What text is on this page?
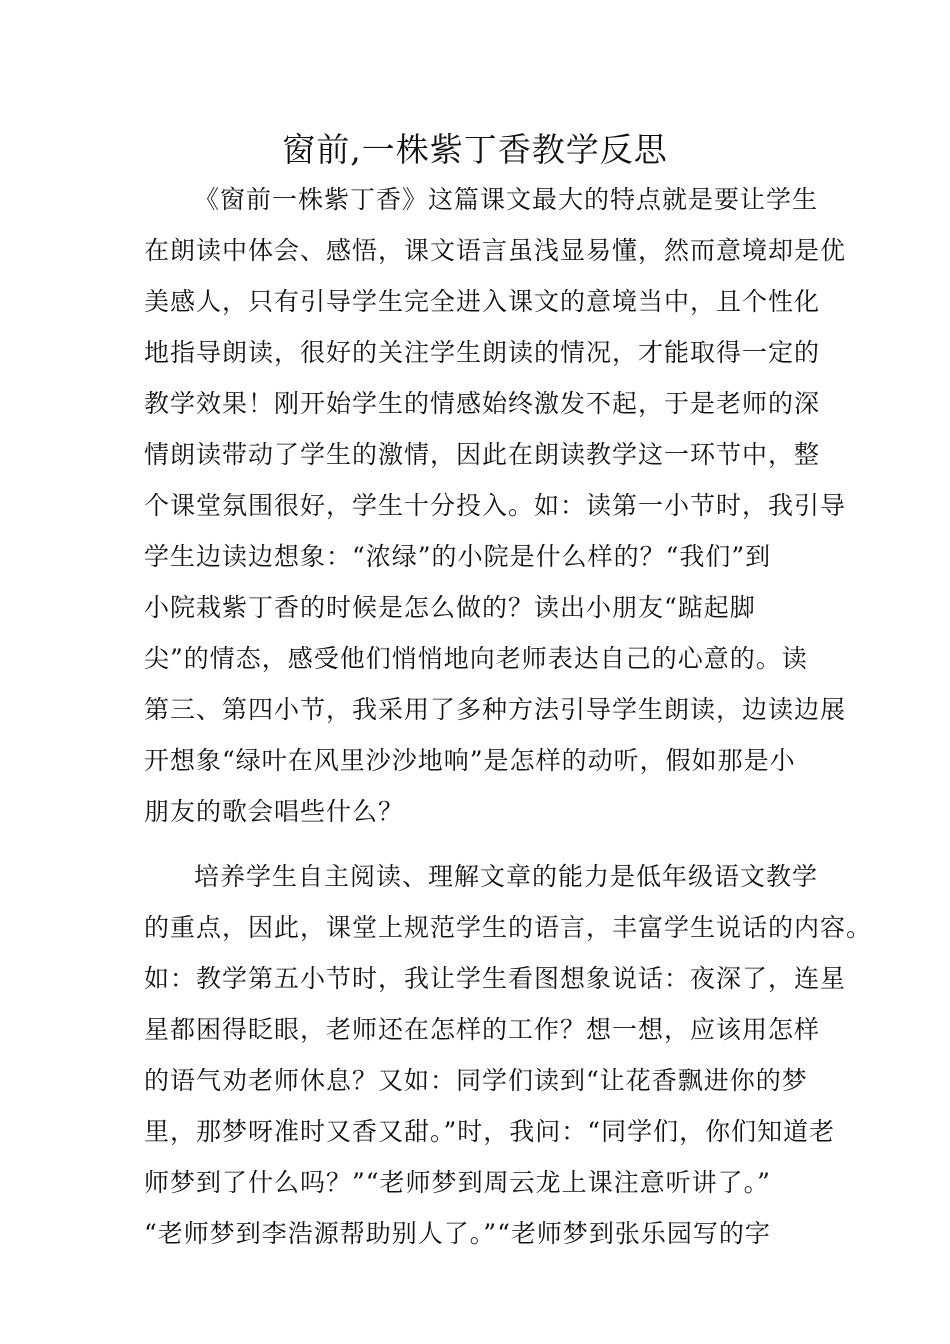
窗前,一株紫丁香教学反思
《窗前一株紫丁香》这篇课文最大的特点就是要让学生
在朗读中体会、感悟，课文语言虽浅显易懂，然而意境却是优
美感人，只有引导学生完全进入课文的意境当中，且个性化
地指导朗读，很好的关注学生朗读的情况，才能取得一定的
教学效果！刚开始学生的情感始终激发不起，于是老师的深
情朗读带动了学生的激情，因此在朗读教学这一环节中，整
个课堂氛围很好，学生十分投入。如：读第一小节时，我引导
学生边读边想象：“浓绿”的小院是什么样的？“我们”到
小院栽紫丁香的时候是怎么做的？读出小朋友“踮起脚
尖”的情态，感受他们悄悄地向老师表达自己的心意的。读
第三、第四小节，我采用了多种方法引导学生朗读，边读边展
开想象“绿叶在风里沙沙地响”是怎样的动听，假如那是小
朋友的歌会唱些什么？
培养学生自主阅读、理解文章的能力是低年级语文教学
的重点，因此，课堂上规范学生的语言，丰富学生说话的内容。
如：教学第五小节时，我让学生看图想象说话：夜深了，连星
星都困得眨眼，老师还在怎样的工作？想一想，应该用怎样
的语气劝老师休息？又如：同学们读到“让花香飘进你的梦
里，那梦呀准时又香又甜。”时，我问：“同学们，你们知道老
师梦到了什么吗？”“老师梦到周云龙上课注意听讲了。”
“老师梦到李浩源帮助别人了。”“老师梦到张乐园写的字
